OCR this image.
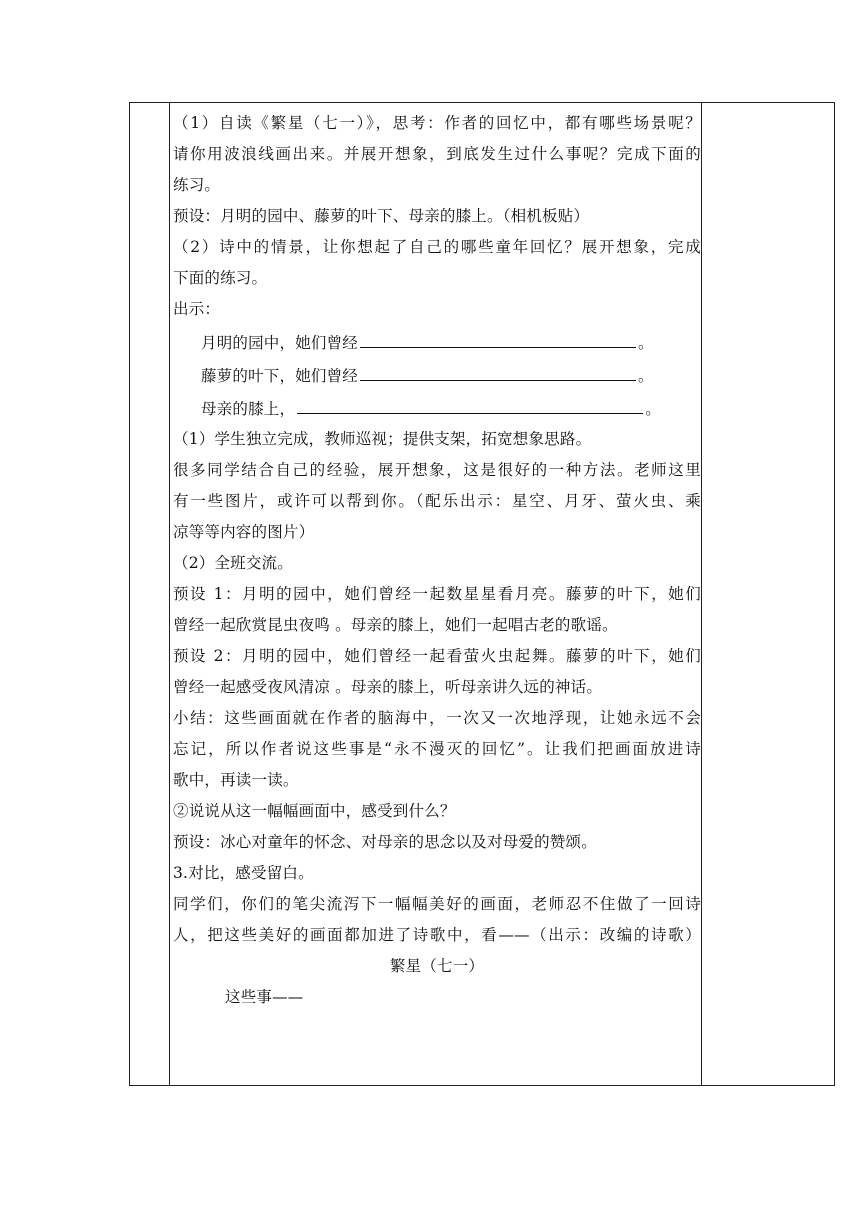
（1）自读《繁星（七一）》，思考：作者的回忆中，都有哪些场景呢？
请你用波浪线画出来。并展开想象，到底发生过什么事呢？完成下面的
练习。
预设：月明的园中、藤萝的叶下、母亲的膝上。（相机板贴）
（2）诗中的情景，让你想起了自己的哪些童年回忆？展开想象，完成
下面的练习。
出示：
月明的园中，她们曾经	。
藤萝的叶下，她们曾经	。
母亲的膝上，	。
（1）学生独立完成，教师巡视；提供支架，拓宽想象思路。
很多同学结合自己的经验，展开想象，这是很好的一种方法。老师这里
有一些图片，或许可以帮到你。（配乐出示：星空、月牙、萤火虫、乘
凉等等内容的图片）
（2）全班交流。
预设 1：月明的园中，她们曾经一起数星星看月亮。藤萝的叶下，她们
曾经一起欣赏昆虫夜鸣 。母亲的膝上，她们一起唱古老的歌谣。
预设 2：月明的园中，她们曾经一起看萤火虫起舞。藤萝的叶下，她们
曾经一起感受夜风清凉 。母亲的膝上，听母亲讲久远的神话。
小结：这些画面就在作者的脑海中，一次又一次地浮现，让她永远不会
忘记，所以作者说这些事是“永不漫灭的回忆”。让我们把画面放进诗
歌中，再读一读。
②说说从这一幅幅画面中，感受到什么？
预设：冰心对童年的怀念、对母亲的思念以及对母爱的赞颂。
3.对比，感受留白。
同学们，你们的笔尖流泻下一幅幅美好的画面，老师忍不住做了一回诗
人，把这些美好的画面都加进了诗歌中，看——（出示：改编的诗歌）
繁星（七一）
这些事——
